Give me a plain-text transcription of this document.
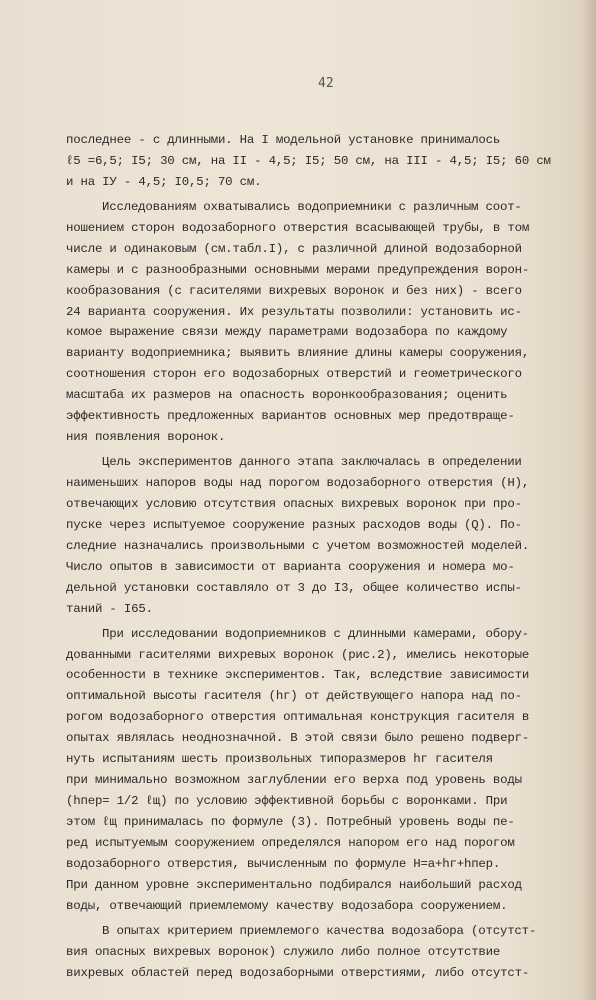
42
последнее - с длинными. На I модельной установке принималось
ℓ5 =6,5; I5; 30 см, на II - 4,5; I5; 50 см, на III - 4,5; I5; 60 см
и на IУ - 4,5; I0,5; 70 см.
Исследованиям охватывались водоприемники с различным соот-
ношением сторон водозаборного отверстия всасывающей трубы, в том
числе и одинаковым (см.табл.I), с различной длиной водозаборной
камеры и с разнообразными основными мерами предупреждения ворон-
кообразования (с гасителями вихревых воронок и без них) - всего
24 варианта сооружения. Их результаты позволили: установить ис-
комое выражение связи между параметрами водозабора по каждому
варианту водоприемника; выявить влияние длины камеры сооружения,
соотношения сторон его водозаборных отверстий и геометрического
масштаба их размеров на опасность воронкообразования; оценить
эффективность предложенных вариантов основных мер предотвраще-
ния появления воронок.
Цель экспериментов данного этапа заключалась в определении
наименьших напоров воды над порогом водозаборного отверстия (H),
отвечающих условию отсутствия опасных вихревых воронок при про-
пуске через испытуемое сооружение разных расходов воды (Q). По-
следние назначались произвольными с учетом возможностей моделей.
Число опытов в зависимости от варианта сооружения и номера мо-
дельной установки составляло от 3 до I3, общее количество испы-
таний - I65.
При исследовании водоприемников с длинными камерами, обору-
дованными гасителями вихревых воронок (рис.2), имелись некоторые
особенности в технике экспериментов. Так, вследствие зависимости
оптимальной высоты гасителя (hг) от действующего напора над по-
рогом водозаборного отверстия оптимальная конструкция гасителя в
опытах являлась неоднозначной. В этой связи было решено подверг-
нуть испытаниям шесть произвольных типоразмеров hг гасителя
при минимально возможном заглублении его верха под уровень воды
(hпер= 1/2 ℓщ) по условию эффективной борьбы с воронками. При
этом ℓщ принималась по формуле (3). Потребный уровень воды пе-
ред испытуемым сооружением определялся напором его над порогом
водозаборного отверстия, вычисленным по формуле H=a+hг+hпер.
При данном уровне экспериментально подбирался наибольший расход
воды, отвечающий приемлемому качеству водозабора сооружением.
В опытах критерием приемлемого качества водозабора (отсутст-
вия опасных вихревых воронок) служило либо полное отсутствие
вихревых областей перед водозаборными отверстиями, либо отсутст-
